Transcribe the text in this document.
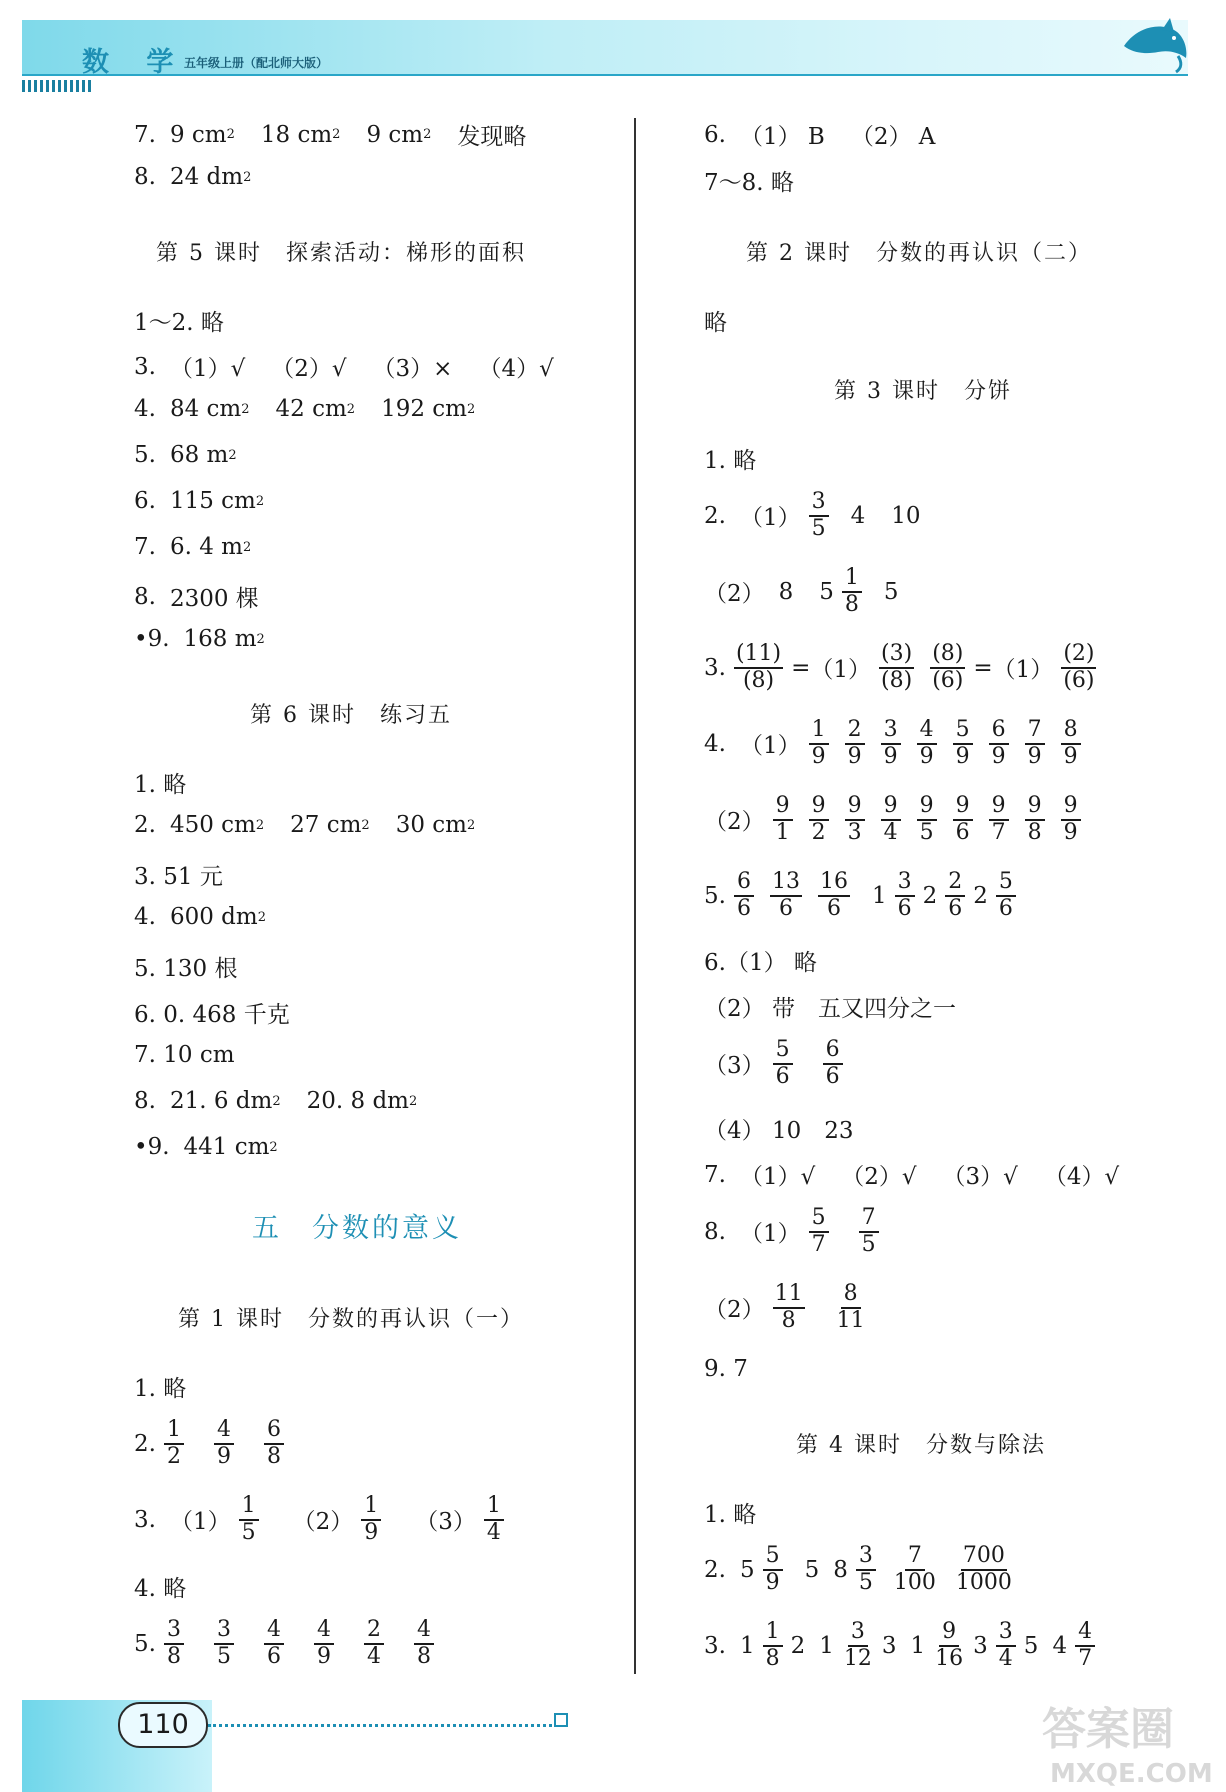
数 学
五年级上册（配北师大版）
7. 9 cm 2 18 cm 2 9 cm 2 发现略
8. 24 dm 2
第 5 课时　探索活动：梯形的面积
1～2. 略
3. （1）√ （2）√ （3）× （4）√
4. 84 cm 2 42 cm 2 192 cm 2
5. 68 m 2
6. 115 cm 2
7. 6. 4 m 2
8. 2300 棵
•9. 168 m 2
第 6 课时　练习五
1. 略
2. 450 cm 2 27 cm 2 30 cm 2
3. 51 元
4. 600 dm 2
5. 130 根
6. 0. 468 千克
7. 10 cm
8. 21. 6 dm 2 20. 8 dm 2
•9. 441 cm 2
五　分数的意义
第 1 课时　分数的再认识（一）
1. 略
2.
1
2
4
9
6
8
3. （1）
1
5 （2）
1
9 （3）
1
4
4. 略
5.
3
8
3
5
4
6
4
9
2
4
4
8
6. （1） B （2） A
7～8. 略
第 2 课时　分数的再认识（二）
略
第 3 课时　分饼
1. 略
2. （1）
3
5 4 10
（2） 8 5
1
8 5
3. $\frac{(11)}{(8)} = (1)$
(3)
$(8) \frac{(8)}{(6)} = (1)$
(2)
(6)
4. （1）
1
9
2
9
3
9
4
9
5
9
6
9
7
9
8
9
（2）
9
1
9
2
9
3
9
4
9
5
9
6
9
7
9
8
9
9
5.
6
6
13
6
16
6 1
3
6 2
2
6 2
5
6
6.（1） 略
（2） 带　五又四分之一
（3）
5
6
6
6
（4） 10　23
7. （1）√ （2）√ （3）√ （4）√
8. （1）
5
7
7
5
（2）
11
8
8
11
9. 7
第 4 课时　分数与除法
1. 略
2. 5
5
9 5 8
3
5
7
100
700
1000
3. 1
1
8 2 1
3
12 3 1
9
16 3
3
4 5 4
4
7
110	答案圈
MXQE.COM
